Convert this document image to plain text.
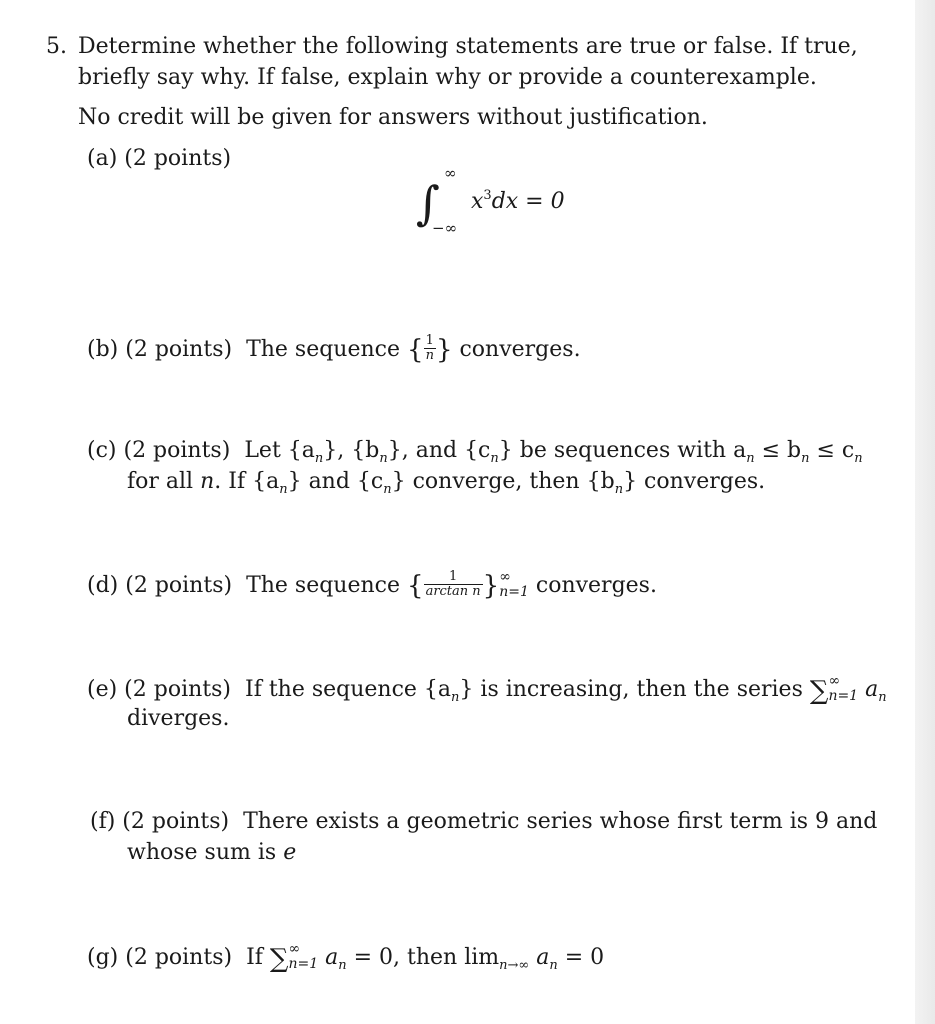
5. Determine whether the following statements are true or false. If true,
briefly say why. If false, explain why or provide a counterexample.
No credit will be given for answers without justification.
(a) (2 points)
∫
∞
−∞
$x^3dx = 0$
(b) (2 points) The sequence { $\frac{1}{n}$ } converges.
(c) (2 points) Let $\{a_n\}$, $\{b_n\}$, and $\{c_n\}$ be sequences with $a_n \le b_n \le c_n$
for all n. If $\{a_n\}$ and $\{c_n\}$ converge, then $\{b_n\}$ converges.
(d) (2 points) The sequence { $\frac{1}{\text{arctan n}}$ } ∞
n=1 converges.
(e) (2 points) If the sequence $\{a_n\}$ is increasing, then the series ∑ ∞
n=1 $a_n$
diverges.
(f) (2 points) There exists a geometric series whose first term is 9 and
whose sum is e
(g) (2 points) If ∑ ∞
n=1 $a_n = 0$, then $\lim_{n\to\infty} a_n = 0$
